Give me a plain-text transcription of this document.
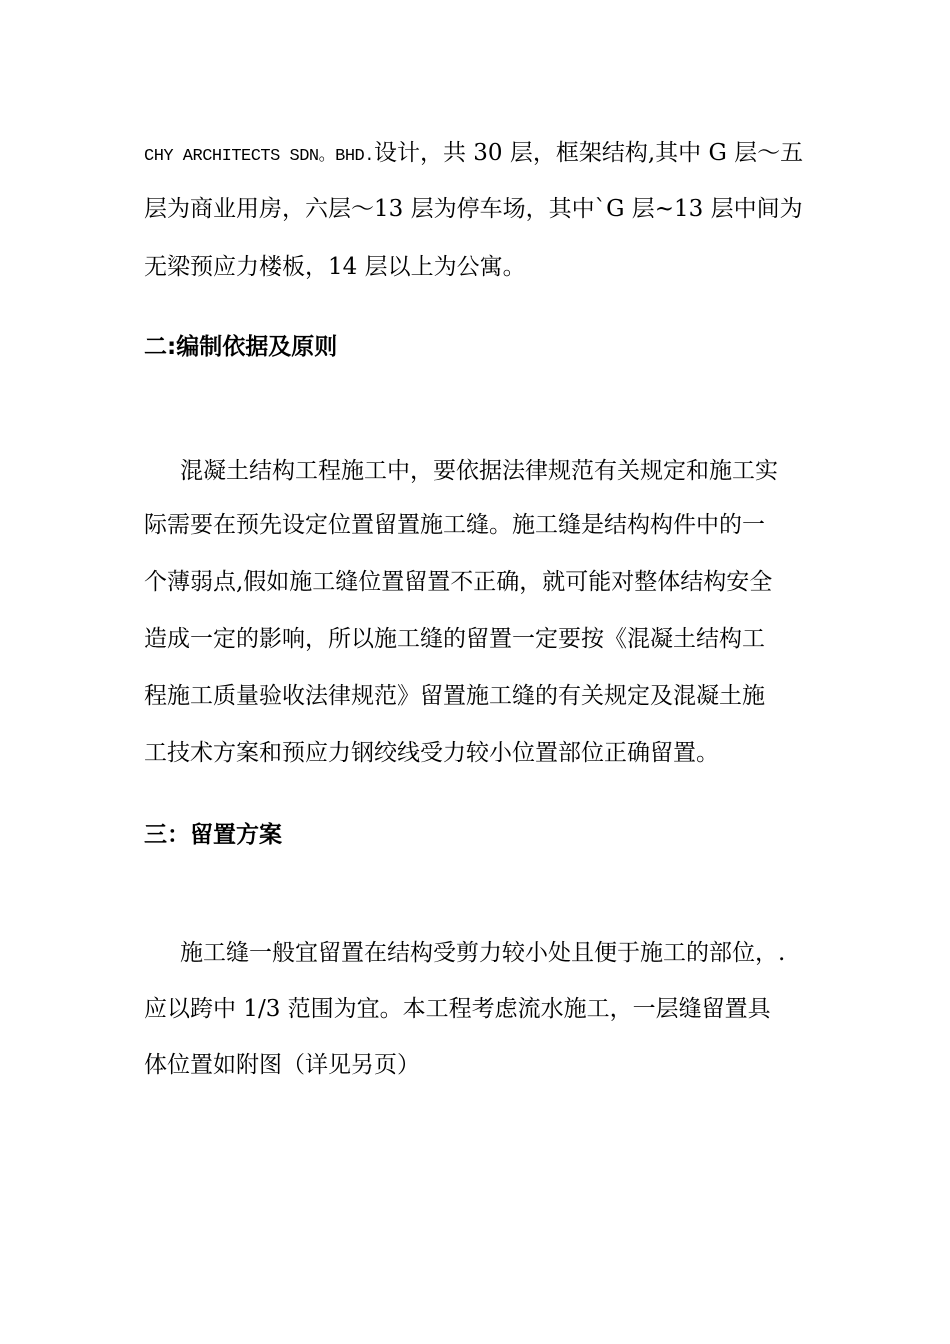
CHY ARCHITECTS SDN。BHD.设计，共 30 层，框架结构,其中 G 层～五
层为商业用房，六层～13 层为停车场，其中`G 层~13 层中间为
无梁预应力楼板，14 层以上为公寓。
二:编制依据及原则
混凝土结构工程施工中，要依据法律规范有关规定和施工实
际需要在预先设定位置留置施工缝。施工缝是结构构件中的一
个薄弱点,假如施工缝位置留置不正确，就可能对整体结构安全
造成一定的影响，所以施工缝的留置一定要按《混凝土结构工
程施工质量验收法律规范》留置施工缝的有关规定及混凝土施
工技术方案和预应力钢绞线受力较小位置部位正确留置。
三：留置方案
施工缝一般宜留置在结构受剪力较小处且便于施工的部位，.
应以跨中 1/3 范围为宜。本工程考虑流水施工，一层缝留置具
体位置如附图（详见另页）
